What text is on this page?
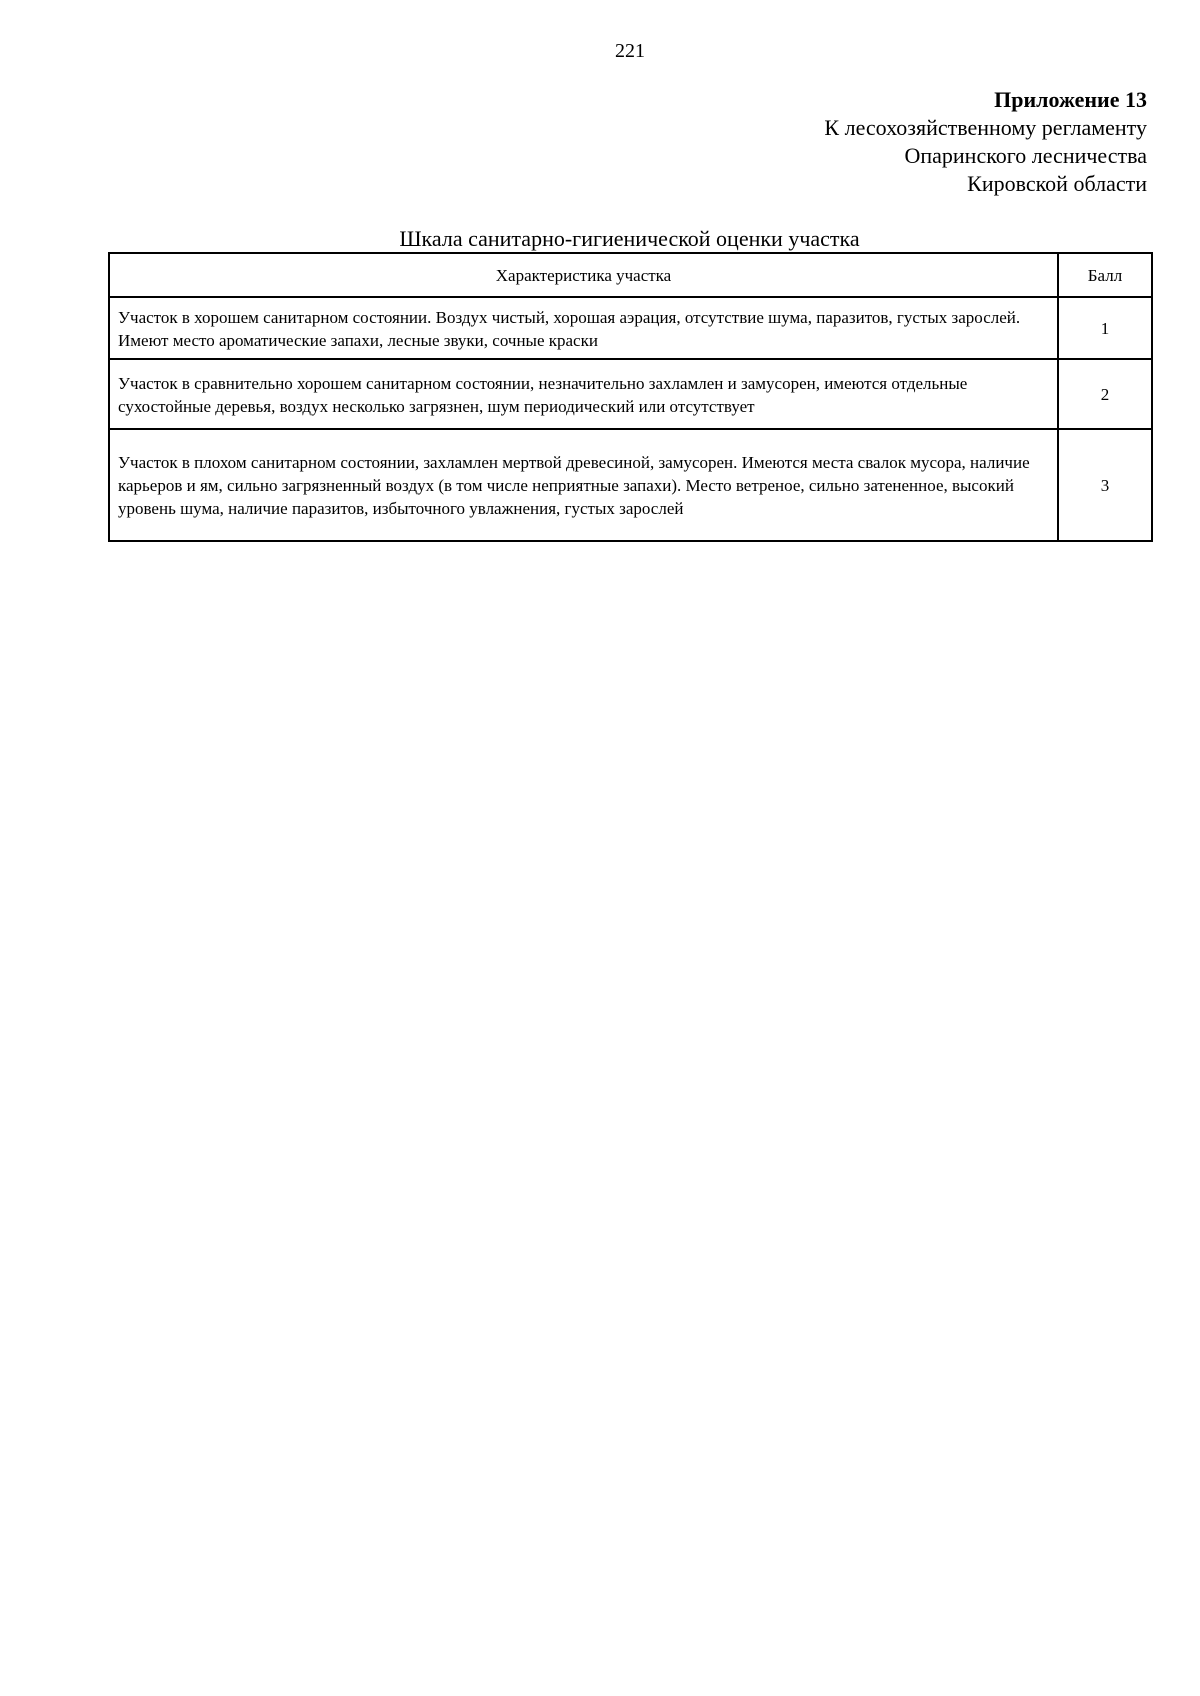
221
Приложение 13
К лесохозяйственному регламенту
Опаринского лесничества
Кировской области
Шкала санитарно-гигиенической оценки участка
Характеристика участка	Балл
Участок в хорошем санитарном состоянии. Воздух чистый, хорошая аэрация, отсутствие шума, паразитов, густых зарослей. Имеют место ароматические запахи, лесные звуки, сочные краски	1
Участок в сравнительно хорошем санитарном состоянии, незначительно захламлен и замусорен, имеются отдельные сухостойные деревья, воздух несколько загрязнен, шум периодический или отсутствует	2
Участок в плохом санитарном состоянии, захламлен мертвой древесиной, замусорен. Имеются места свалок мусора, наличие карьеров и ям, сильно загрязненный воздух (в том числе неприятные запахи). Место ветреное, сильно затененное, высокий уровень шума, наличие паразитов, избыточного увлажнения, густых зарослей	3
